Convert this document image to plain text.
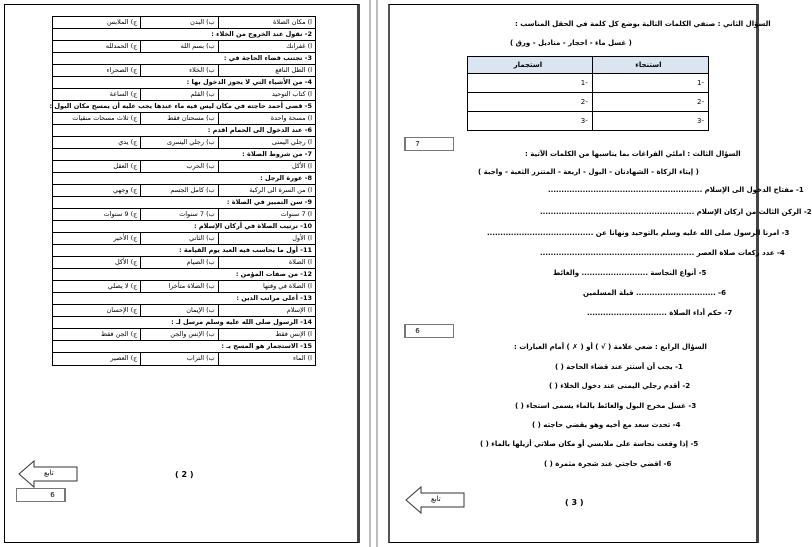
ا) مكان الصلاة
ب) البدن
ج) الملابس
2- نقول عند الخروج من الخلاء :
ا) غفرانك
ب) بسم الله
ج) الحمدلله
3- تجتنب قضاء الحاجة في :
ا) الظل النافع
ب) الخلاء
ج) الصحراء
4- من الأشياء التي لا يجوز الدخول بها :
ا) كتاب التوحيد
ب) القلم
ج) الساعة
5- قضى أحمد حاجته في مكان ليس فيه ماء عندها يجب عليه أن يمسح مكان البول :
ا) مسحة واحدة
ب) مسحتان فقط
ج) ثلاث مسحات منقيات
6- عند الدخول الى الحمام اقدم :
ا) رجلي اليمنى
ب) رجلي اليسرى
ج) يدي
7- من شروط الصلاة :
ا) الأكل
ب) الحرب
ج) العقل
8- عورة الرجل :
ا) من السرة الى الركبة
ب) كامل الجسم
ج) وجهي
9- سن التمييز في الصلاة :
ا) 7 سنوات
ب) 7 سنوات
ج) 9 سنوات
10- ترتيب الصلاة في أركان الإسلام :
ا) الأول
ب) الثاني
ج) الأخير
11- أول ما يحاسب فيه العبد يوم القيامة :
ا) الصلاة
ب) الصيام
ج) الأكل
12- من صفات المؤمن :
ا) الصلاة في وقتها
ب) الصلاة متأخرا
ج) لا يصلي
13- أعلى مراتب الدين :
ا) الإسلام
ب) الإيمان
ج) الإحسان
14- الرسول صلى الله عليه وسلم مرسل لـ :
ا) الإنس فقط
ب) الإنس والجن
ج) الجن فقط
15- الاستجمار هو المسح بـ :
ا) الماء
ب) التراب
ج) العصير
( 2 )
تابع
6
السؤال الثاني : صنفي الكلمات التالية بوضع كل كلمة في الحقل المناسب :
( غسل ماء - احجار - مناديل - ورق )
استنجاء	استجمار
-1	-1
-2	-2
-3	-3
7
السؤال الثالث : املئي الفراغات بما يناسبها من الكلمات الآتية :
( إيتاء الزكاة - الشهادتان - البول - اربعة - المتنزر الثعبة - واجبة )
1- مفتاح الدخول الى الإسلام ..........................................................
2- الركن الثالث من اركان الإسلام ..........................................................
3- امرنا الرسول صلى الله عليه وسلم بالتوحيد ونهانا عن ........................................
4- عدد ركعات صلاة العصر ..........................................................
5- أنواع النجاسة ......................... والغائط
6- .............................. قبلة المسلمين
7- حكم أداء الصلاة ..............................
6
السؤال الرابع : ضعي علامة ( √ ) أو ( ✗ ) أمام العبارات :
1- يجب أن أستتر عند قضاء الحاجة ( )
2- أقدم رجلي اليمنى عند دخول الخلاء ( )
3- غسل مخرج البول والغائط بالماء يسمى استجاء ( )
4- تحدث سعد مع أخيه وهو يقضي حاجته ( )
5- إذا وقعت نجاسة على ملابسي أو مكان صلاتي أزيلها بالماء ( )
6- اقضي حاجتي عند شجرة مثمرة ( )
تابع	( 3 )
